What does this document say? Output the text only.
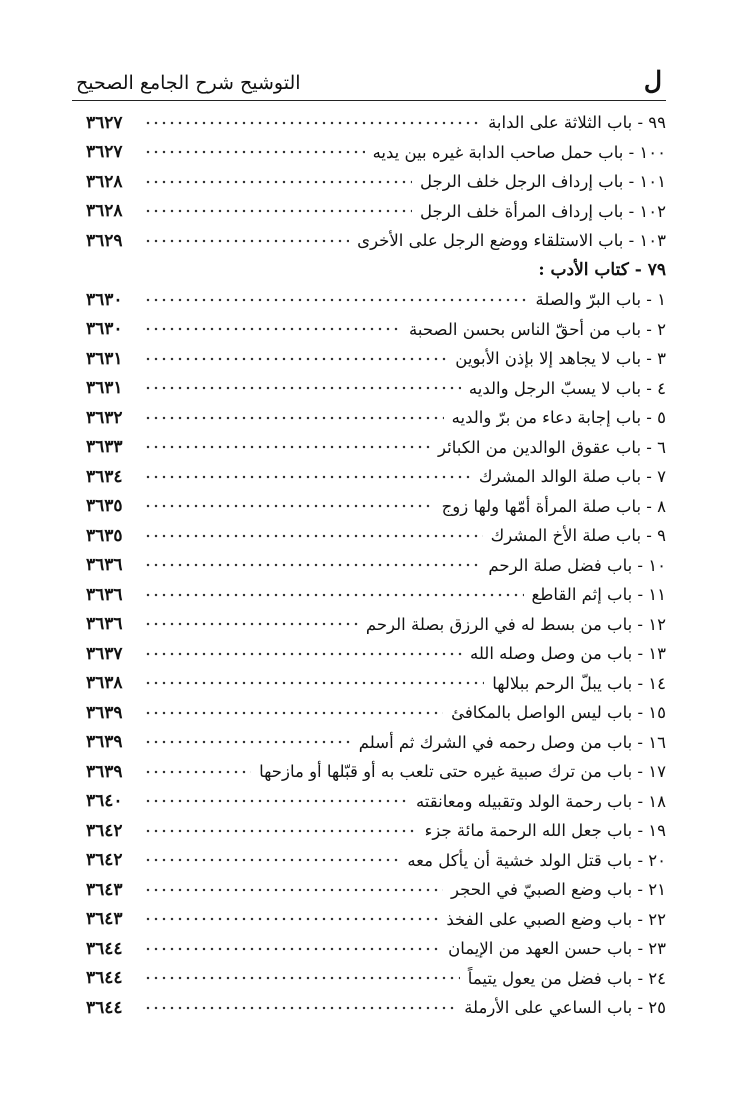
ل
التوشيح شرح الجامع الصحيح
٩٩ - باب الثلاثة على الدابة
٣٦٢٧
١٠٠ - باب حمل صاحب الدابة غيره بين يديه
٣٦٢٧
١٠١ - باب إرداف الرجل خلف الرجل
٣٦٢٨
١٠٢ - باب إرداف المرأة خلف الرجل
٣٦٢٨
١٠٣ - باب الاستلقاء ووضع الرجل على الأخرى
٣٦٢٩
٧٩ - كتاب الأدب :
١ - باب البرّ والصلة
٣٦٣٠
٢ - باب من أحقّ الناس بحسن الصحبة
٣٦٣٠
٣ - باب لا يجاهد إلا بإذن الأبوين
٣٦٣١
٤ - باب لا يسبّ الرجل والديه
٣٦٣١
٥ - باب إجابة دعاء من برّ والديه
٣٦٣٢
٦ - باب عقوق الوالدين من الكبائر
٣٦٣٣
٧ - باب صلة الوالد المشرك
٣٦٣٤
٨ - باب صلة المرأة أمّها ولها زوج
٣٦٣٥
٩ - باب صلة الأخ المشرك
٣٦٣٥
١٠ - باب فضل صلة الرحم
٣٦٣٦
١١ - باب إثم القاطع
٣٦٣٦
١٢ - باب من بسط له في الرزق بصلة الرحم
٣٦٣٦
١٣ - باب من وصل وصله الله
٣٦٣٧
١٤ - باب يبلّ الرحم ببلالها
٣٦٣٨
١٥ - باب ليس الواصل بالمكافئ
٣٦٣٩
١٦ - باب من وصل رحمه في الشرك ثم أسلم
٣٦٣٩
١٧ - باب من ترك صبية غيره حتى تلعب به أو قبّلها أو مازحها
٣٦٣٩
١٨ - باب رحمة الولد وتقبيله ومعانقته
٣٦٤٠
١٩ - باب جعل الله الرحمة مائة جزء
٣٦٤٢
٢٠ - باب قتل الولد خشية أن يأكل معه
٣٦٤٢
٢١ - باب وضع الصبيّ في الحجر
٣٦٤٣
٢٢ - باب وضع الصبي على الفخذ
٣٦٤٣
٢٣ - باب حسن العهد من الإيمان
٣٦٤٤
٢٤ - باب فضل من يعول يتيماً
٣٦٤٤
٢٥ - باب الساعي على الأرملة
٣٦٤٤
